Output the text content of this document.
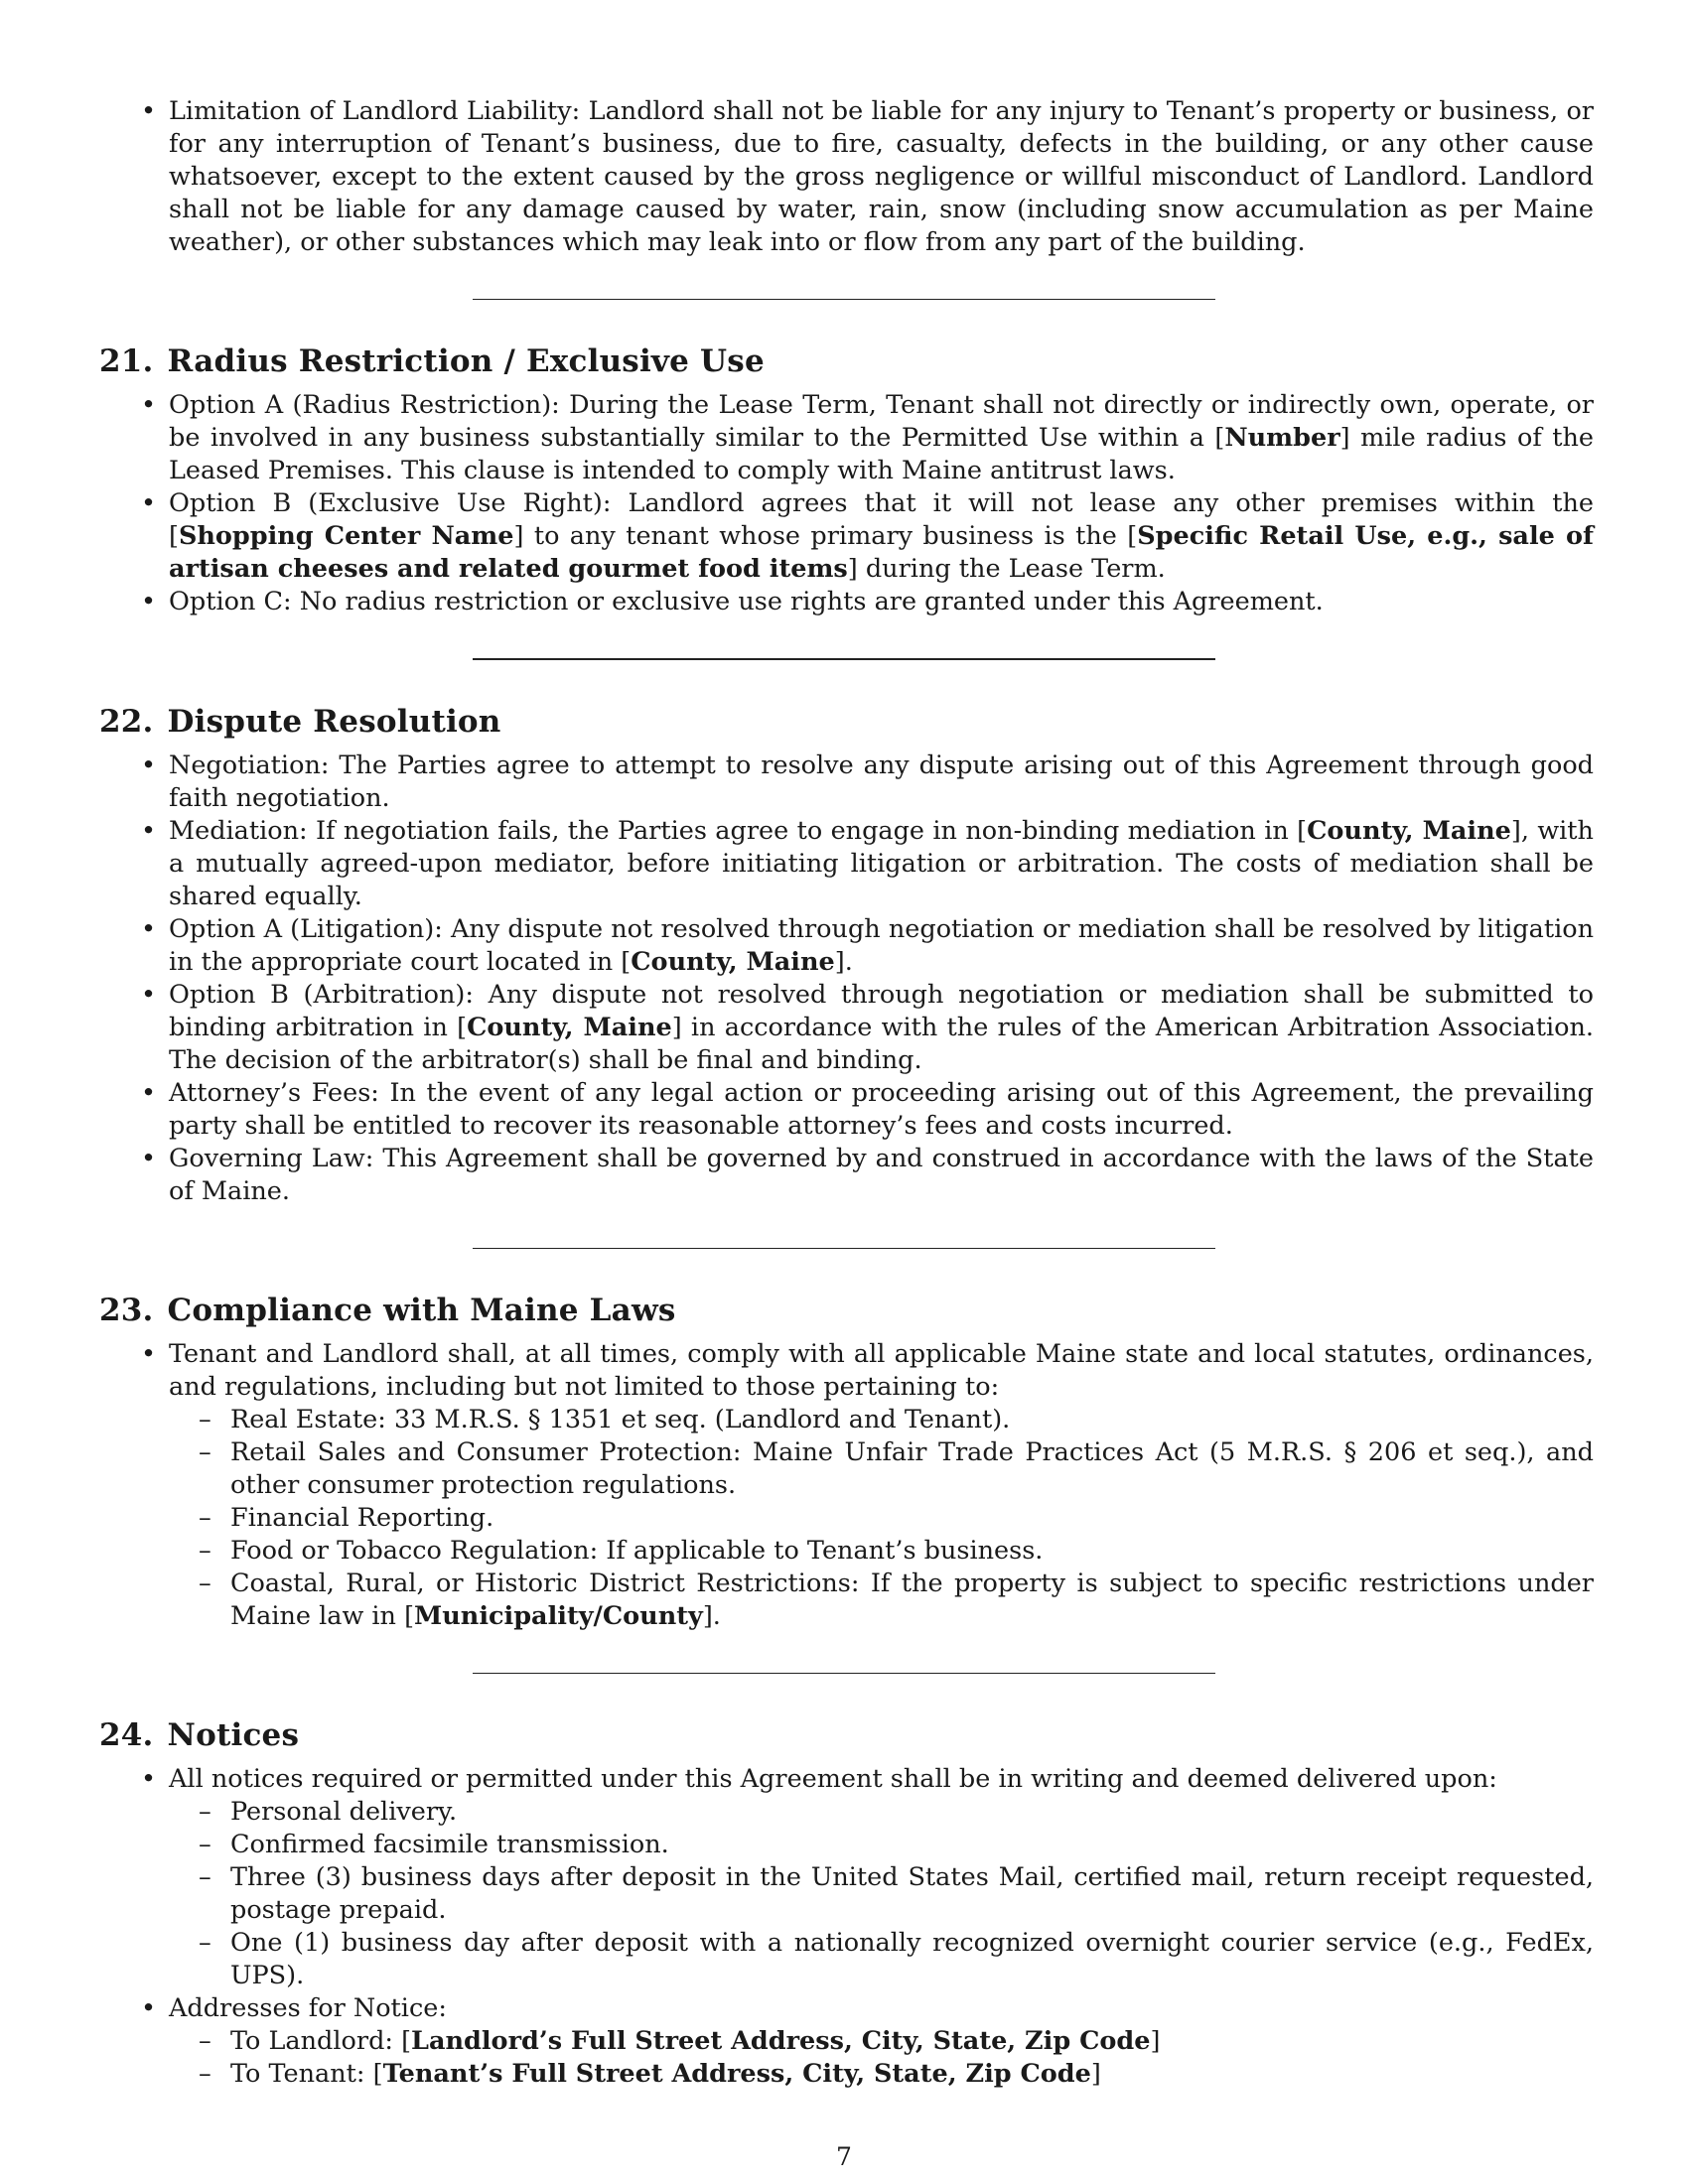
• Limitation of Landlord Liability: Landlord shall not be liable for any injury to Tenant’s property or business, or for any interruption of Tenant’s business, due to fire, casualty, defects in the building, or any other cause whatsoever, except to the extent caused by the gross negligence or willful misconduct of Landlord. Landlord shall not be liable for any damage caused by water, rain, snow (including snow accumulation as per Maine weather), or other substances which may leak into or flow from any part of the building.
21. Radius Restriction / Exclusive Use
• Option A (Radius Restriction): During the Lease Term, Tenant shall not directly or indirectly own, operate, or be involved in any business substantially similar to the Permitted Use within a [Number] mile radius of the Leased Premises. This clause is intended to comply with Maine antitrust laws.
• Option B (Exclusive Use Right): Landlord agrees that it will not lease any other premises within the [Shopping Center Name] to any tenant whose primary business is the [Specific Retail Use, e.g., sale of artisan cheeses and related gourmet food items] during the Lease Term.
• Option C: No radius restriction or exclusive use rights are granted under this Agreement.
22. Dispute Resolution
• Negotiation: The Parties agree to attempt to resolve any dispute arising out of this Agreement through good faith negotiation.
• Mediation: If negotiation fails, the Parties agree to engage in non-binding mediation in [County, Maine], with a mutually agreed-upon mediator, before initiating litigation or arbitration. The costs of mediation shall be shared equally.
• Option A (Litigation): Any dispute not resolved through negotiation or mediation shall be resolved by litigation in the appropriate court located in [County, Maine].
• Option B (Arbitration): Any dispute not resolved through negotiation or mediation shall be submitted to binding arbitration in [County, Maine] in accordance with the rules of the American Arbitration Association. The decision of the arbitrator(s) shall be final and binding.
• Attorney’s Fees: In the event of any legal action or proceeding arising out of this Agreement, the prevailing party shall be entitled to recover its reasonable attorney’s fees and costs incurred.
• Governing Law: This Agreement shall be governed by and construed in accordance with the laws of the State of Maine.
23. Compliance with Maine Laws
• Tenant and Landlord shall, at all times, comply with all applicable Maine state and local statutes, ordinances, and regulations, including but not limited to those pertaining to:
– Real Estate: 33 M.R.S. § 1351 et seq. (Landlord and Tenant).
– Retail Sales and Consumer Protection: Maine Unfair Trade Practices Act (5 M.R.S. § 206 et seq.), and other consumer protection regulations.
– Financial Reporting.
– Food or Tobacco Regulation: If applicable to Tenant’s business.
– Coastal, Rural, or Historic District Restrictions: If the property is subject to specific restrictions under Maine law in [Municipality/County].
24. Notices
• All notices required or permitted under this Agreement shall be in writing and deemed delivered upon:
– Personal delivery.
– Confirmed facsimile transmission.
– Three (3) business days after deposit in the United States Mail, certified mail, return receipt requested, postage prepaid.
– One (1) business day after deposit with a nationally recognized overnight courier service (e.g., FedEx, UPS).
• Addresses for Notice:
– To Landlord: [Landlord’s Full Street Address, City, State, Zip Code]
– To Tenant: [Tenant’s Full Street Address, City, State, Zip Code]
7
